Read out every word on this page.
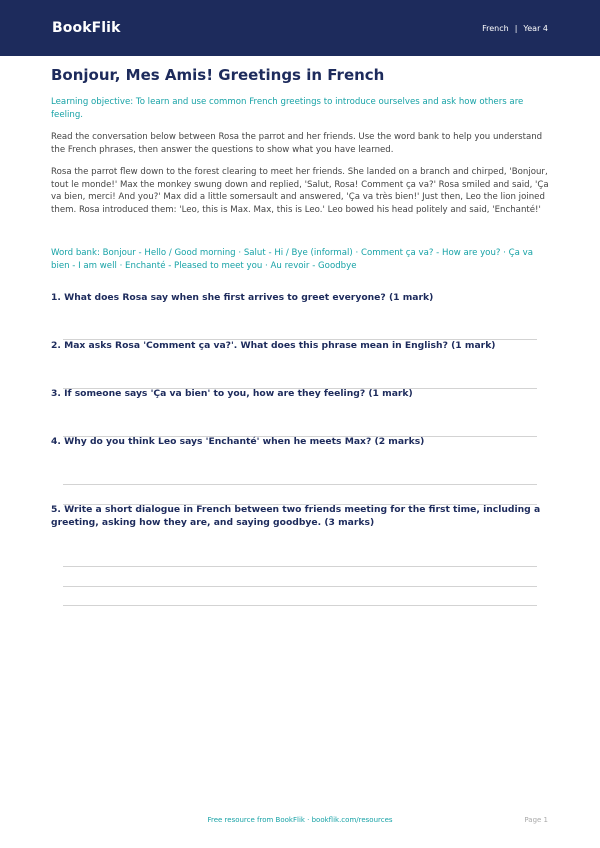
BookFlik	French | Year 4
Bonjour, Mes Amis! Greetings in French

Learning objective: To learn and use common French greetings to introduce ourselves and ask how others are feeling.

Read the conversation below between Rosa the parrot and her friends. Use the word bank to help you understand the French phrases, then answer the questions to show what you have learned.

Rosa the parrot flew down to the forest clearing to meet her friends. She landed on a branch and chirped, 'Bonjour, tout le monde!' Max the monkey swung down and replied, 'Salut, Rosa! Comment ça va?' Rosa smiled and said, 'Ça va bien, merci! And you?' Max did a little somersault and answered, 'Ça va très bien!' Just then, Leo the lion joined them. Rosa introduced them: 'Leo, this is Max. Max, this is Leo.' Leo bowed his head politely and said, 'Enchanté!'

Word bank: Bonjour - Hello / Good morning · Salut - Hi / Bye (informal) · Comment ça va? - How are you? · Ça va bien - I am well · Enchanté - Pleased to meet you · Au revoir - Goodbye

1. What does Rosa say when she first arrives to greet everyone? (1 mark)
2. Max asks Rosa 'Comment ça va?'. What does this phrase mean in English? (1 mark)
3. If someone says 'Ça va bien' to you, how are they feeling? (1 mark)
4. Why do you think Leo says 'Enchanté' when he meets Max? (2 marks)
5. Write a short dialogue in French between two friends meeting for the first time, including a greeting, asking how they are, and saying goodbye. (3 marks)
Free resource from BookFlik · bookflik.com/resources	Page 1
